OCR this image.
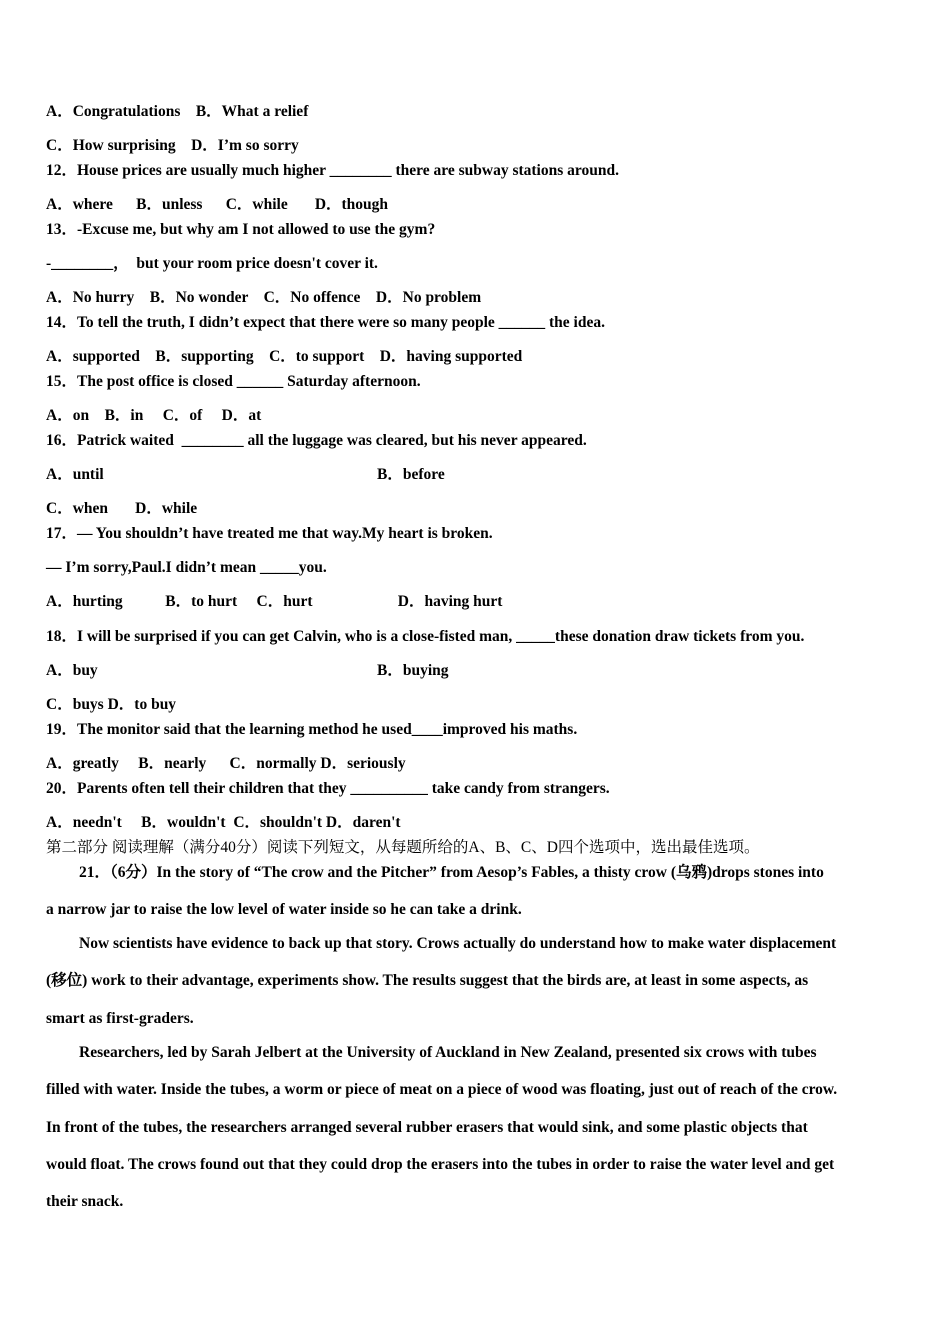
A．Congratulations    B．What a relief
C．How surprising    D．I’m so sorry
12．House prices are usually much higher ________ there are subway stations around.
A．where      B．unless      C．while       D．though
13．-Excuse me, but why am I not allowed to use the gym?
-________，  but your room price doesn't cover it.
A．No hurry    B．No wonder    C．No offence    D．No problem
14．To tell the truth, I didn’t expect that there were so many people ______ the idea.
A．supported    B．supporting    C．to support    D．having supported
15．The post office is closed ______ Saturday afternoon.
A．on    B．in     C．of     D．at
16．Patrick waited  ________ all the luggage was cleared, but his never appeared.
A．until	B．before
C．when       D．while
17．— You shouldn’t have treated me that way.My heart is broken.
— I’m sorry,Paul.I didn’t mean _____you.
A．hurting           B．to hurt     C．hurt                      D．having hurt
18．I will be surprised if you can get Calvin, who is a close-fisted man, _____these donation draw tickets from you.
A．buy	B．buying
C．buys D．to buy
19．The monitor said that the learning method he used____improved his maths.
A．greatly     B．nearly      C．normally D．seriously
20．Parents often tell their children that they __________ take candy from strangers.
A．needn't     B．wouldn't  C．shouldn't D．daren't
第二部分 阅读理解（满分40分）阅读下列短文，从每题所给的A、B、C、D四个选项中，选出最佳选项。
21．（6分）In the story of “The crow and the Pitcher” from Aesop’s Fables, a thisty crow (乌鸦)drops stones into
a narrow jar to raise the low level of water inside so he can take a drink.
Now scientists have evidence to back up that story. Crows actually do understand how to make water displacement
(移位) work to their advantage, experiments show. The results suggest that the birds are, at least in some aspects, as
smart as first-graders.
Researchers, led by Sarah Jelbert at the University of Auckland in New Zealand, presented six crows with tubes
filled with water. Inside the tubes, a worm or piece of meat on a piece of wood was floating, just out of reach of the crow.
In front of the tubes, the researchers arranged several rubber erasers that would sink, and some plastic objects that
would float. The crows found out that they could drop the erasers into the tubes in order to raise the water level and get
their snack.
